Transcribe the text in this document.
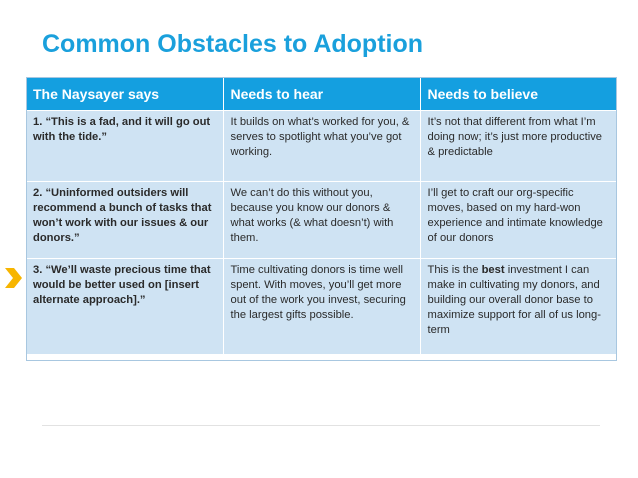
Common Obstacles to Adoption
The Naysayer says	Needs to hear	Needs to believe
1. “This is a fad, and it will go out with the tide.”	It builds on what’s worked for you, & serves to spotlight what you’ve got working.	It’s not that different from what I’m doing now; it’s just more productive & predictable
2. “Uninformed outsiders will recommend a bunch of tasks that won’t work with our issues & our donors.”	We can’t do this without you, because you know our donors & what works (& what doesn’t) with them.	I’ll get to craft our org-specific moves, based on my hard-won experience and intimate knowledge of our donors
3. “We’ll waste precious time that would be better used on [insert alternate approach].”	Time cultivating donors is time well spent. With moves, you’ll get more out of the work you invest, securing the largest gifts possible.	This is the best investment I can make in cultivating my donors, and building our overall donor base to maximize support for all of us long-term
